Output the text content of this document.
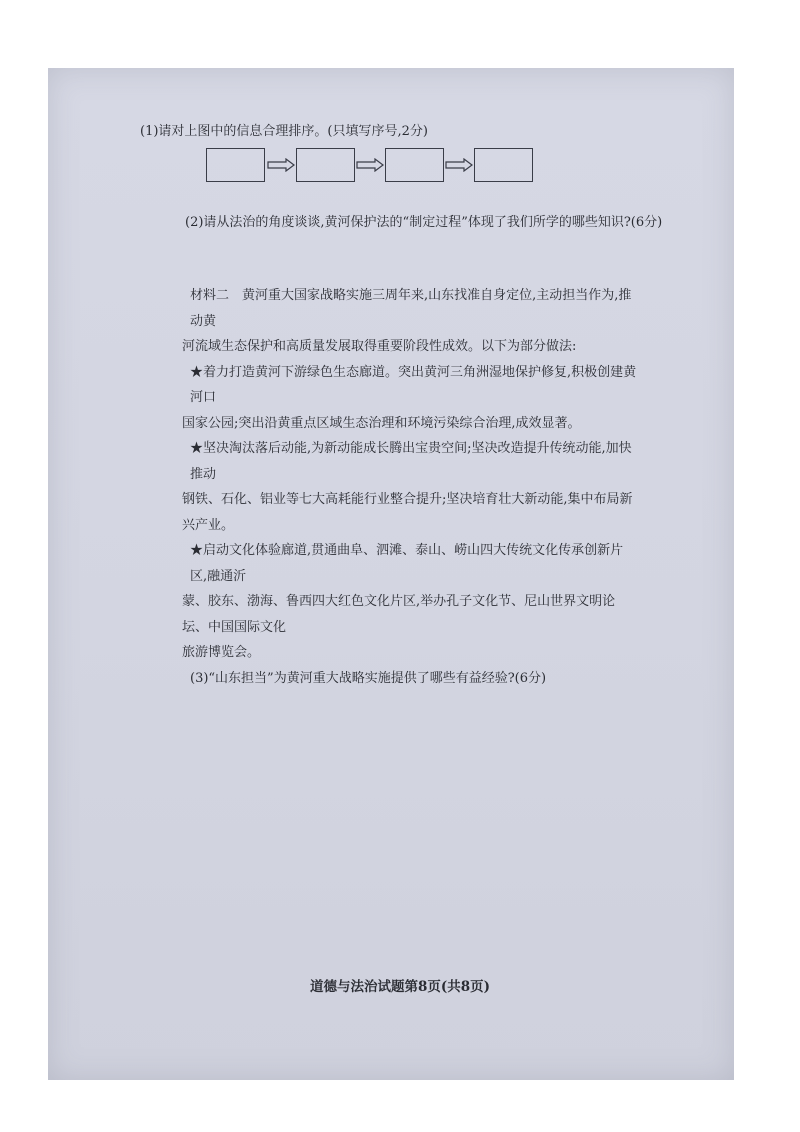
(1)请对上图中的信息合理排序。(只填写序号,2分)
(2)请从法治的角度谈谈,黄河保护法的“制定过程”体现了我们所学的哪些知识?(6分)

材料二　黄河重大国家战略实施三周年来,山东找准自身定位,主动担当作为,推动黄

河流域生态保护和高质量发展取得重要阶段性成效。以下为部分做法:

★着力打造黄河下游绿色生态廊道。突出黄河三角洲湿地保护修复,积极创建黄河口

国家公园;突出沿黄重点区域生态治理和环境污染综合治理,成效显著。

★坚决淘汰落后动能,为新动能成长腾出宝贵空间;坚决改造提升传统动能,加快推动

钢铁、石化、铝业等七大高耗能行业整合提升;坚决培育壮大新动能,集中布局新兴产业。

★启动文化体验廊道,贯通曲阜、泗滩、泰山、崂山四大传统文化传承创新片区,融通沂

蒙、胶东、渤海、鲁西四大红色文化片区,举办孔子文化节、尼山世界文明论坛、中国国际文化

旅游博览会。

(3)“山东担当”为黄河重大战略实施提供了哪些有益经验?(6分)

道德与法治试题第8页(共8页)
